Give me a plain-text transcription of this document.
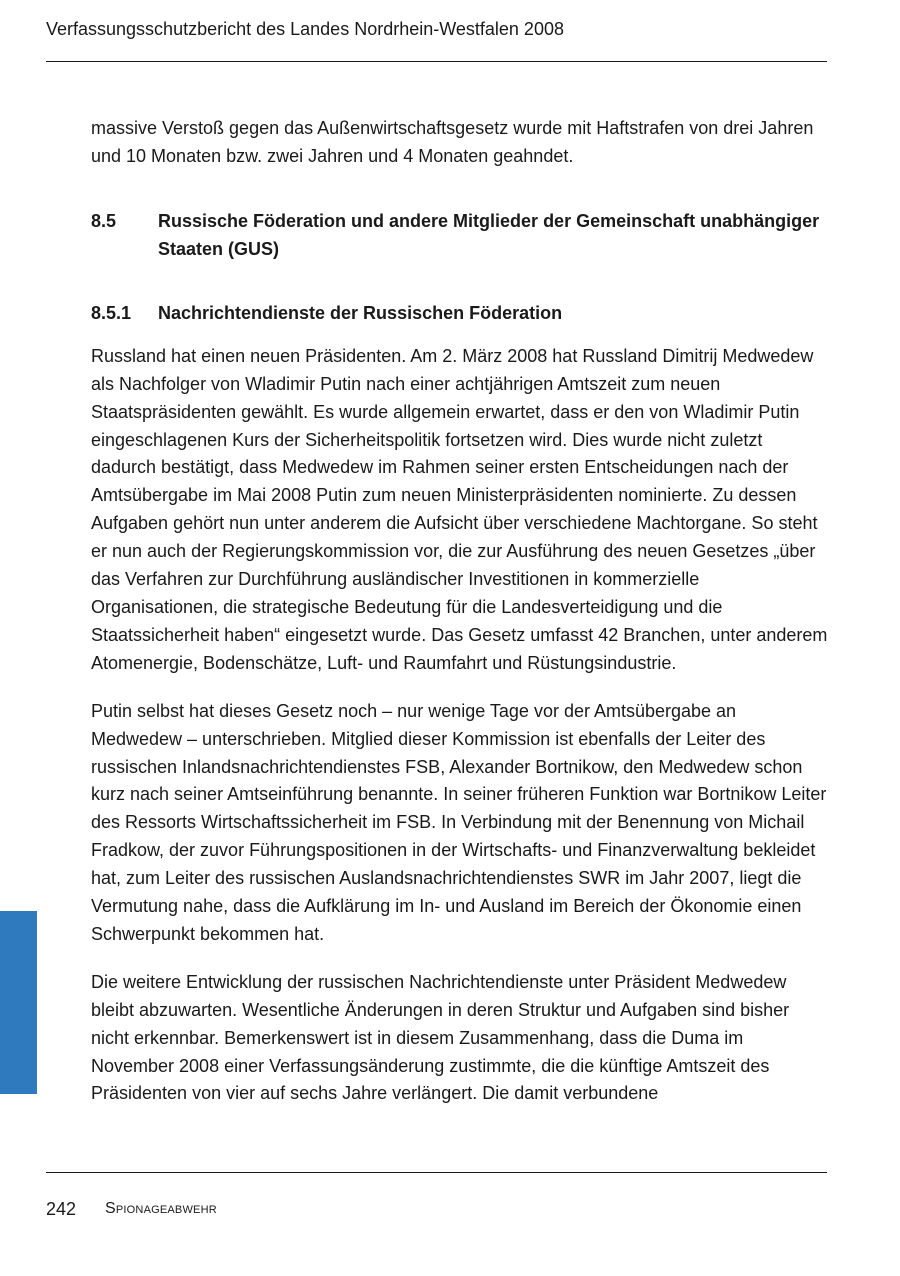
Verfassungsschutzbericht des Landes Nordrhein-Westfalen 2008

massive Verstoß gegen das Außenwirtschaftsgesetz wurde mit Haftstrafen von drei Jahren und 10 Monaten bzw. zwei Jahren und 4 Monaten geahndet.

8.5	Russische Föderation und andere Mitglieder der Gemeinschaft unabhängiger Staaten (GUS)
8.5.1	Nachrichtendienste der Russischen Föderation

Russland hat einen neuen Präsidenten. Am 2. März 2008 hat Russland Dimitrij Medwedew als Nachfolger von Wladimir Putin nach einer achtjährigen Amtszeit zum neuen Staatspräsidenten gewählt. Es wurde allgemein erwartet, dass er den von Wladimir Putin eingeschlagenen Kurs der Sicherheitspolitik fortsetzen wird. Dies wurde nicht zuletzt dadurch bestätigt, dass Medwedew im Rahmen seiner ersten Entscheidungen nach der Amtsübergabe im Mai 2008 Putin zum neuen Ministerpräsidenten nominierte. Zu dessen Aufgaben gehört nun unter anderem die Aufsicht über verschiedene Machtorgane. So steht er nun auch der Regierungskommission vor, die zur Ausführung des neuen Gesetzes „über das Verfahren zur Durchführung ausländischer Investitionen in kommerzielle Organisationen, die strategische Bedeutung für die Landesverteidigung und die Staatssicherheit haben“ eingesetzt wurde. Das Gesetz umfasst 42 Branchen, unter anderem Atomenergie, Bodenschätze, Luft- und Raumfahrt und Rüstungsindustrie.

Putin selbst hat dieses Gesetz noch – nur wenige Tage vor der Amtsübergabe an Medwedew – unterschrieben. Mitglied dieser Kommission ist ebenfalls der Leiter des russischen Inlandsnachrichtendienstes FSB, Alexander Bortnikow, den Medwedew schon kurz nach seiner Amtseinführung benannte. In seiner früheren Funktion war Bortnikow Leiter des Ressorts Wirtschaftssicherheit im FSB. In Verbindung mit der Benennung von Michail Fradkow, der zuvor Führungspositionen in der Wirtschafts- und Finanzverwaltung bekleidet hat, zum Leiter des russischen Auslandsnachrichtendienstes SWR im Jahr 2007, liegt die Vermutung nahe, dass die Aufklärung im In- und Ausland im Bereich der Ökonomie einen Schwerpunkt bekommen hat.

Die weitere Entwicklung der russischen Nachrichtendienste unter Präsident Medwedew bleibt abzuwarten. Wesentliche Änderungen in deren Struktur und Aufgaben sind bisher nicht erkennbar. Bemerkenswert ist in diesem Zusammenhang, dass die Duma im November 2008 einer Verfassungsänderung zustimmte, die die künftige Amtszeit des Präsidenten von vier auf sechs Jahre verlängert. Die damit verbundene

242 Spionageabwehr
